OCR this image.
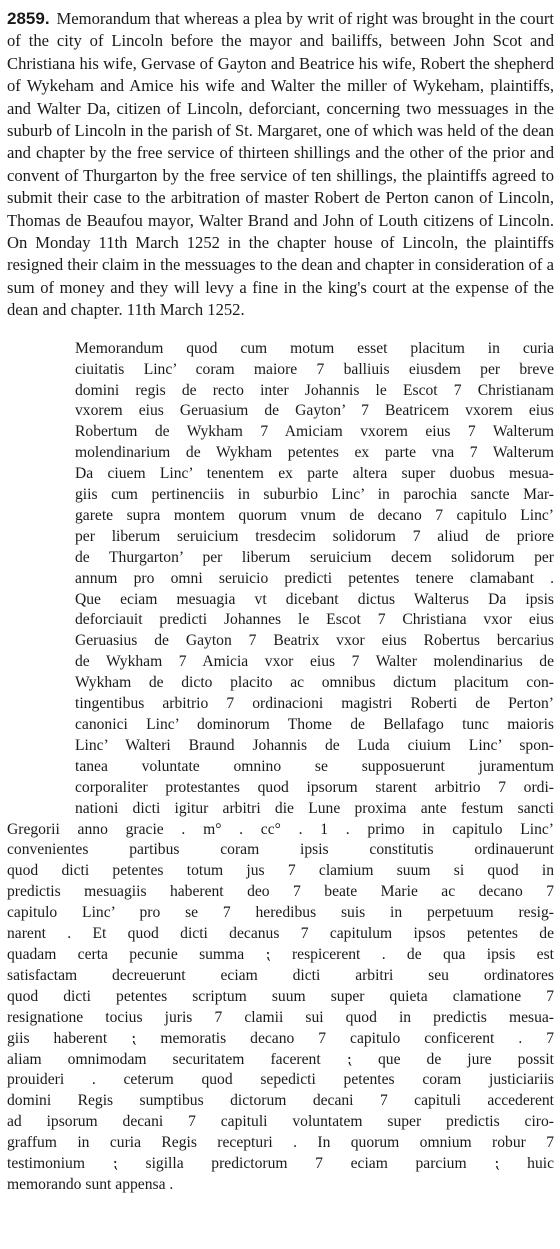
2859. Memorandum that whereas a plea by writ of right was brought in the court of the city of Lincoln before the mayor and bailiffs, between John Scot and Christiana his wife, Gervase of Gayton and Beatrice his wife, Robert the shepherd of Wykeham and Amice his wife and Walter the miller of Wykeham, plaintiffs, and Walter Da, citizen of Lincoln, deforciant, concerning two messuages in the suburb of Lincoln in the parish of St. Margaret, one of which was held of the dean and chapter by the free service of thirteen shillings and the other of the prior and convent of Thurgarton by the free service of ten shillings, the plaintiffs agreed to submit their case to the arbitration of master Robert de Perton canon of Lincoln, Thomas de Beaufou mayor, Walter Brand and John of Louth citizens of Lincoln. On Monday 11th March 1252 in the chapter house of Lincoln, the plaintiffs resigned their claim in the messuages to the dean and chapter in consideration of a sum of money and they will levy a fine in the king's court at the expense of the dean and chapter. 11th March 1252.

Memorandum quod cum motum esset placitum in curia
ciuitatis Linc’ coram maiore 7 balliuis eiusdem per breve
domini regis de recto inter Johannis le Escot 7 Christianam
vxorem eius Geruasium de Gayton’ 7 Beatricem vxorem eius
Robertum de Wykham 7 Amiciam vxorem eius 7 Walterum
molendinarium de Wykham petentes ex parte vna 7 Walterum
Da ciuem Linc’ tenentem ex parte altera super duobus mesua-
giis cum pertinenciis in suburbio Linc’ in parochia sancte Mar-
garete supra montem quorum vnum de decano 7 capitulo Linc’
per liberum seruicium tresdecim solidorum 7 aliud de priore
de Thurgarton’ per liberum seruicium decem solidorum per
annum pro omni seruicio predicti petentes tenere clamabant .
Que eciam mesuagia vt dicebant dictus Walterus Da ipsis
deforciauit predicti Johannes le Escot 7 Christiana vxor eius
Geruasius de Gayton 7 Beatrix vxor eius Robertus bercarius
de Wykham 7 Amicia vxor eius 7 Walter molendinarius de
Wykham de dicto placito ac omnibus dictum placitum con-
tingentibus arbitrio 7 ordinacioni magistri Roberti de Perton’
canonici Linc’ dominorum Thome de Bellafago tunc maioris
Linc’ Walteri Braund Johannis de Luda ciuium Linc’ spon-
tanea voluntate omnino se supposuerunt juramentum
corporaliter protestantes quod ipsorum starent arbitrio 7 ordi-
nationi dicti igitur arbitri die Lune proxima ante festum sancti
Gregorii anno gracie . m° . cc° . 1 . primo in capitulo Linc’
convenientes partibus coram ipsis constitutis ordinauerunt
quod dicti petentes totum jus 7 clamium suum si quod in
predictis mesuagiis haberent deo 7 beate Marie ac decano 7
capitulo Linc’ pro se 7 heredibus suis in perpetuum resig-
narent . Et quod dicti decanus 7 capitulum ipsos petentes de
quadam certa pecunie summa ⁏ respicerent . de qua ipsis est
satisfactam decreuerunt eciam dicti arbitri seu ordinatores
quod dicti petentes scriptum suum super quieta clamatione 7
resignatione tocius juris 7 clamii sui quod in predictis mesua-
giis haberent ⁏ memoratis decano 7 capitulo conficerent . 7
aliam omnimodam securitatem facerent ⁏ que de jure possit
prouideri . ceterum quod sepedicti petentes coram justiciariis
domini Regis sumptibus dictorum decani 7 capituli accederent
ad ipsorum decani 7 capituli voluntatem super predictis ciro-
graffum in curia Regis recepturi . In quorum omnium robur 7
testimonium ⁏ sigilla predictorum 7 eciam parcium ⁏ huic
memorando sunt appensa .
